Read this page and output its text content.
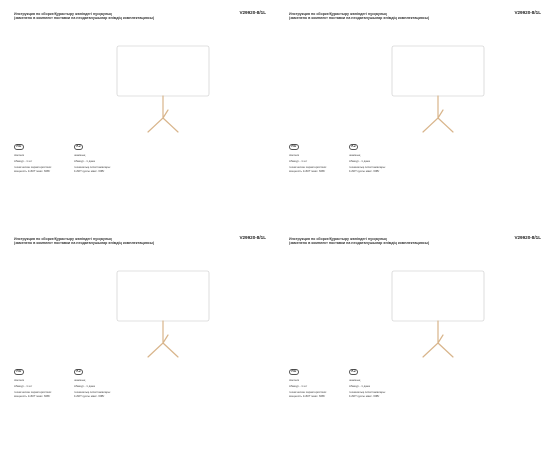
Инструкция по сборке/Құрастыру жөніндегі нұсқаулық	V29920-8/1L
(заменено в комплект поставки на неодатанушылар өнімдің комплектациясы)
RU	KZ
светник
Абажур - 1 шт
технические характеристики:
мощность 1х60Т макс. 60Вт
шамшық
Абажур - 1 дана
техникалық сипаттамалары:
1х60Т қуаты макс. 60Вт
Инструкция по сборке/Құрастыру жөніндегі нұсқаулық	V29920-8/1L
(заменено в комплект поставки на неодатанушылар өнімдің комплектациясы)
RU	KZ
светник
Абажур - 1 шт
технические характеристики:
мощность 1х60Т макс. 60Вт
шамшық
Абажур - 1 дана
техникалық сипаттамалары:
1х60Т қуаты макс. 60Вт
Инструкция по сборке/Құрастыру жөніндегі нұсқаулық	V29920-8/1L
(заменено в комплект поставки на неодатанушылар өнімдің комплектациясы)
RU	KZ
светник
Абажур - 1 шт
технические характеристики:
мощность 1х60Т макс. 60Вт
шамшық
Абажур - 1 дана
техникалық сипаттамалары:
1х60Т қуаты макс. 60Вт
Инструкция по сборке/Құрастыру жөніндегі нұсқаулық	V29920-8/1L
(заменено в комплект поставки на неодатанушылар өнімдің комплектациясы)
RU	KZ
светник
Абажур - 1 шт
технические характеристики:
мощность 1х60Т макс. 60Вт
шамшық
Абажур - 1 дана
техникалық сипаттамалары:
1х60Т қуаты макс. 60Вт
